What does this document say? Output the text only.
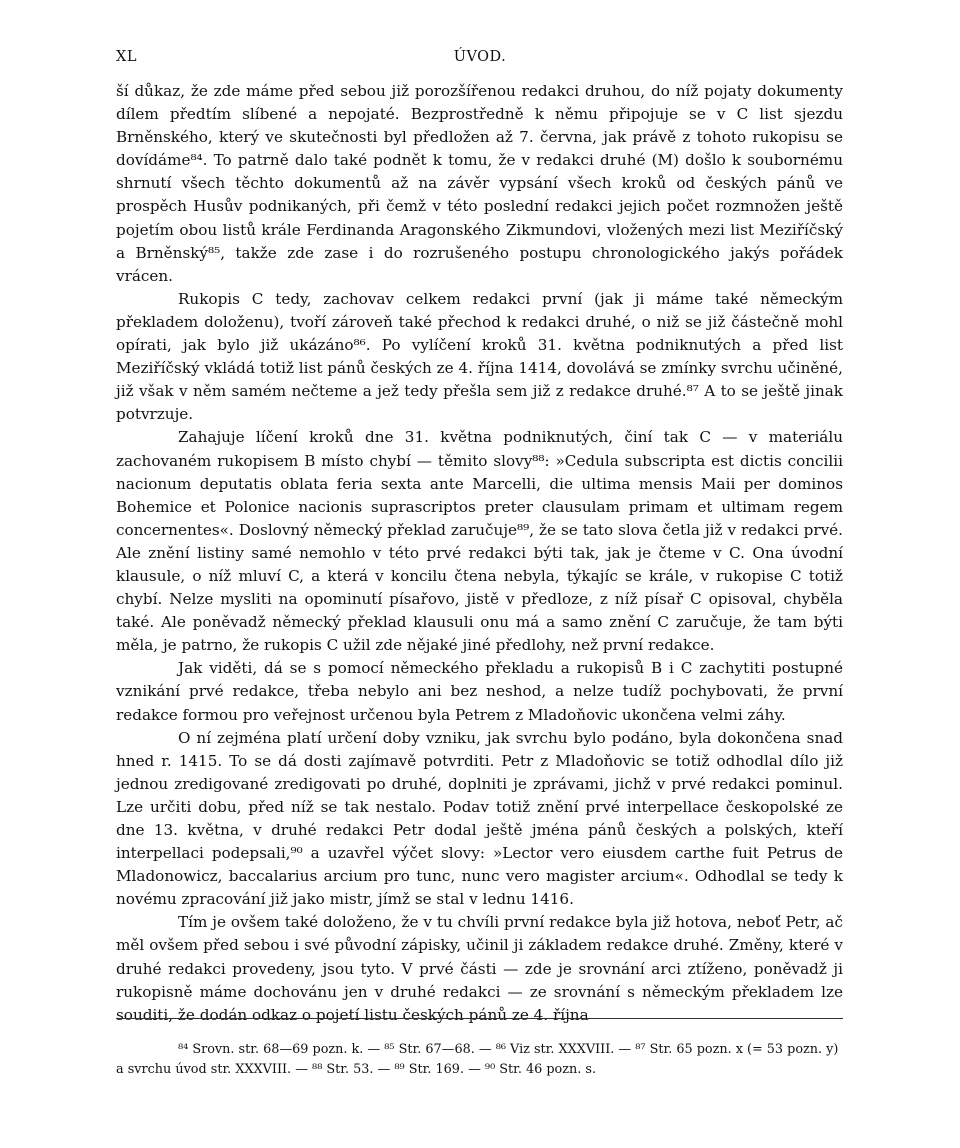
XL	ÚVOD.

ší důkaz, že zde máme před sebou již porozšířenou redakci druhou, do níž pojaty dokumenty dílem předtím slíbené a nepojaté. Bezprostředně k němu připojuje se v C list sjezdu Brněnského, který ve skutečnosti byl předložen až 7. června, jak právě z tohoto rukopisu se dovídáme⁸⁴. To patrně dalo také podnět k tomu, že v redakci druhé (M) došlo k soubornému shrnutí všech těchto dokumentů až na závěr vypsání všech kroků od českých pánů ve prospěch Husův podnikaných, při čemž v této poslední redakci jejich počet rozmnožen ještě pojetím obou listů krále Ferdinanda Aragonského Zikmundovi, vložených mezi list Meziříčský a Brněnský⁸⁵, takže zde zase i do rozrušeného postupu chronologického jakýs pořádek vrácen.

Rukopis C tedy, zachovav celkem redakci první (jak ji máme také německým překladem doloženu), tvoří zároveň také přechod k redakci druhé, o niž se již částečně mohl opírati, jak bylo již ukázáno⁸⁶. Po vylíčení kroků 31. května podniknutých a před list Meziříčský vkládá totiž list pánů českých ze 4. října 1414, dovolává se zmínky svrchu učiněné, již však v něm samém nečteme a jež tedy přešla sem již z redakce druhé.⁸⁷ A to se ještě jinak potvrzuje.

Zahajuje líčení kroků dne 31. května podniknutých, činí tak C — v materiálu zachovaném rukopisem B místo chybí — těmito slovy⁸⁸: »Cedula subscripta est dictis concilii nacionum deputatis oblata feria sexta ante Marcelli, die ultima mensis Maii per dominos Bohemice et Polonice nacionis suprascriptos preter clausulam primam et ultimam regem concernentes«. Doslovný německý překlad zaručuje⁸⁹, že se tato slova četla již v redakci prvé. Ale znění listiny samé nemohlo v této prvé redakci býti tak, jak je čteme v C. Ona úvodní klausule, o níž mluví C, a která v koncilu čtena nebyla, týkajíc se krále, v rukopise C totiž chybí. Nelze mysliti na opominutí písařovo, jistě v předloze, z níž písař C opisoval, chyběla také. Ale poněvadž německý překlad klausuli onu má a samo znění C zaručuje, že tam býti měla, je patrno, že rukopis C užil zde nějaké jiné předlohy, než první redakce.

Jak viděti, dá se s pomocí německého překladu a rukopisů B i C zachytiti postupné vznikání prvé redakce, třeba nebylo ani bez neshod, a nelze tudíž pochybovati, že první redakce formou pro veřejnost určenou byla Petrem z Mladoňovic ukončena velmi záhy.

O ní zejména platí určení doby vzniku, jak svrchu bylo podáno, byla dokončena snad hned r. 1415. To se dá dosti zajímavě potvrditi. Petr z Mladoňovic se totiž odhodlal dílo již jednou zredigované zredigovati po druhé, doplniti je zprávami, jichž v prvé redakci pominul. Lze určiti dobu, před níž se tak nestalo. Podav totiž znění prvé interpellace českopolské ze dne 13. května, v druhé redakci Petr dodal ještě jména pánů českých a polských, kteří interpellaci podepsali,⁹⁰ a uzavřel výčet slovy: »Lector vero eiusdem carthe fuit Petrus de Mladonowicz, baccalarius arcium pro tunc, nunc vero magister arcium«. Odhodlal se tedy k novému zpracování již jako mistr, jímž se stal v lednu 1416.

Tím je ovšem také doloženo, že v tu chvíli první redakce byla již hotova, neboť Petr, ač měl ovšem před sebou i své původní zápisky, učinil ji základem redakce druhé. Změny, které v druhé redakci provedeny, jsou tyto. V prvé části — zde je srovnání arci ztíženo, poněvadž ji rukopisně máme dochovánu jen v druhé redakci — ze srovnání s německým překladem lze souditi, že dodán odkaz o pojetí listu českých pánů ze 4. října

⁸⁴ Srovn. str. 68—69 pozn. k. — ⁸⁵ Str. 67—68. — ⁸⁶ Viz str. XXXVIII. — ⁸⁷ Str. 65 pozn. x (= 53 pozn. y)

a svrchu úvod str. XXXVIII. — ⁸⁸ Str. 53. — ⁸⁹ Str. 169. — ⁹⁰ Str. 46 pozn. s.
